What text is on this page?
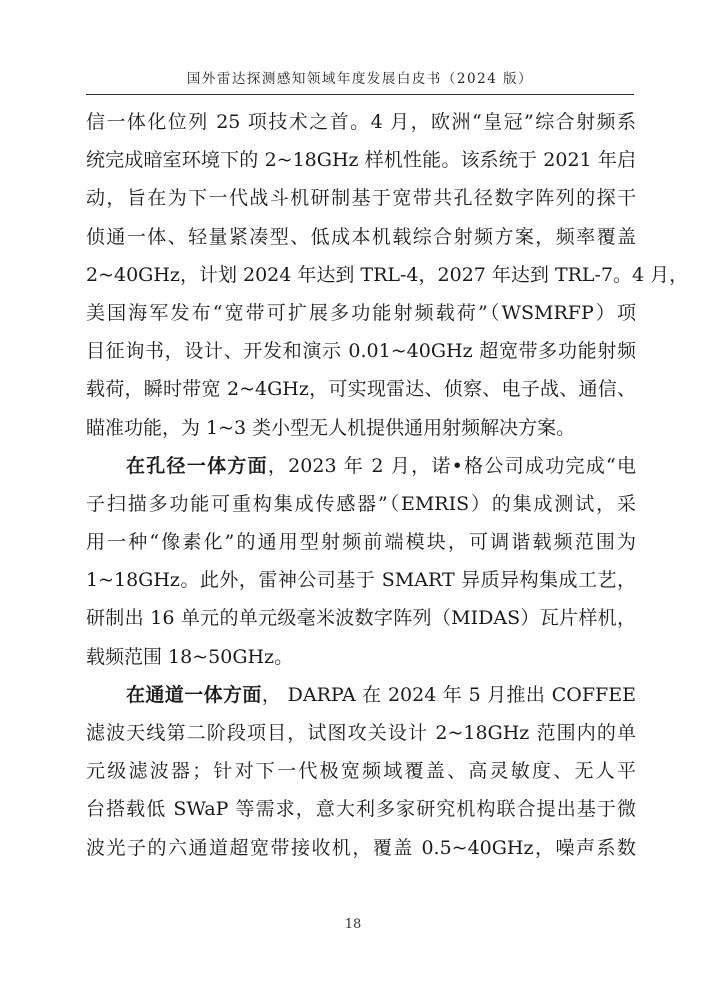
国外雷达探测感知领域年度发展白皮书（2024 版）
信一体化位列 25 项技术之首。4 月，欧洲“皇冠”综合射频系
统完成暗室环境下的 2~18GHz 样机性能。该系统于 2021 年启
动，旨在为下一代战斗机研制基于宽带共孔径数字阵列的探干
侦通一体、轻量紧凑型、低成本机载综合射频方案，频率覆盖
2~40GHz，计划 2024 年达到 TRL-4，2027 年达到 TRL-7。4 月，
美国海军发布“宽带可扩展多功能射频载荷”（WSMRFP）项
目征询书，设计、开发和演示 0.01~40GHz 超宽带多功能射频
载荷，瞬时带宽 2~4GHz，可实现雷达、侦察、电子战、通信、
瞄准功能，为 1~3 类小型无人机提供通用射频解决方案。
在孔径一体方面，2023 年 2 月，诺•格公司成功完成“电
子扫描多功能可重构集成传感器”（EMRIS）的集成测试，采
用一种“像素化”的通用型射频前端模块，可调谐载频范围为
1~18GHz。此外，雷神公司基于 SMART 异质异构集成工艺，
研制出 16 单元的单元级毫米波数字阵列（MIDAS）瓦片样机，
载频范围 18~50GHz。
在通道一体方面， DARPA 在 2024 年 5 月推出 COFFEE
滤波天线第二阶段项目，试图攻关设计 2~18GHz 范围内的单
元级滤波器；针对下一代极宽频域覆盖、高灵敏度、无人平
台搭载低 SWaP 等需求，意大利多家研究机构联合提出基于微
波光子的六通道超宽带接收机，覆盖 0.5~40GHz，噪声系数
18
